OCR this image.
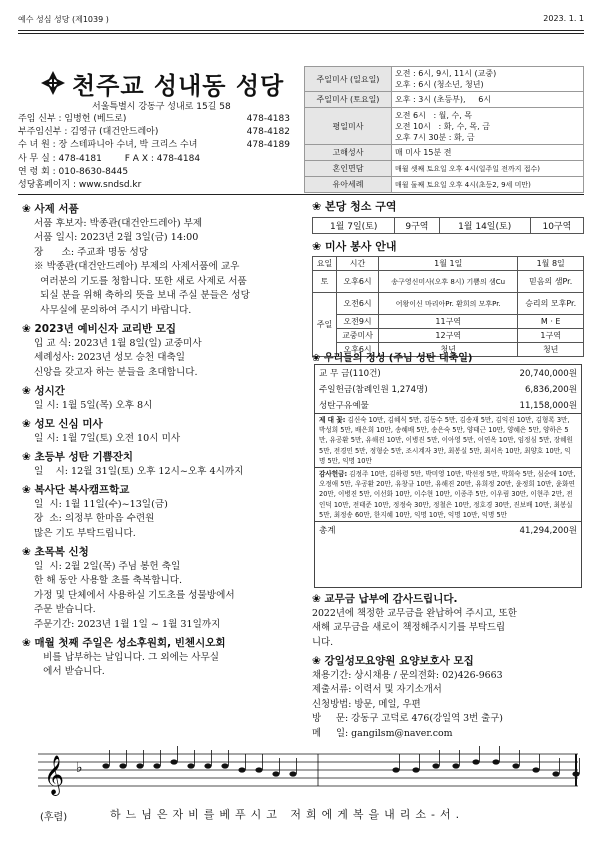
예수 성심 성당 (제1039 )	2023. 1. 1
천주교 성내동 성당
서울특별시 강동구 성내로 15길 58
주임 신부 : 임병헌 (베드로)	478-4183
부주임신부 : 김영규 (대건안드레아)	478-4182
수 녀 원 : 장 스테파니아 수녀, 박 크리스 수녀	478-4189
사 무 실 : 478-4181        F A X : 478-4184
연 령 회 : 010-8630-8445
성당홈페이지 : www.sndsd.kr
주일미사 (일요일)	오전 : 6시, 9시, 11시 (교중)
오후 : 6시 (청소년, 청년)
주일미사 (토요일)	오후 : 3시 (초등부),     6시
평일미사	오전 6시   : 월, 수, 목
오전 10시   : 화, 수, 목, 금
오후 7시 30분 : 화, 금
고해성사	매 미사 15분 전
혼인면담	매월 셋째 토요일 오후 4시(일주일 전까지 접수)
유아세례	매월 둘째 토요일 오후 4시(초등2, 9세 미만)
❀ 사제 서품
서품 후보자: 박종관(대건안드레아) 부제
서품 일시: 2023년 2월 3일(금) 14:00
장      소: 주교좌 명동 성당
※ 박종관(대건안드레아) 부제의 사제서품에 교우
여러분의 기도를 청합니다. 또한 새로 사제로 서품
되실 분을 위해 축하의 뜻을 보내 주실 분들은 성당
사무실에 문의하여 주시기 바랍니다.
❀ 2023년 예비신자 교리반 모집
입 교 식: 2023년 1월 8일(일) 교중미사
세례성사: 2023년 성모 승천 대축일
신앙을 갖고자 하는 분들을 초대합니다.
❀ 성시간
일 시: 1월 5일(목) 오후 8시
❀ 성모 신심 미사
일 시: 1월 7일(토) 오전 10시 미사
❀ 초등부 성탄 기쁨잔치
일    시: 12월 31일(토) 오후 12시~오후 4시까지
❀ 복사단 복사캠프학교
일  시: 1월 11일(수)~13일(금)
장  소: 의정부 한마음 수련원
많은 기도 부탁드립니다.
❀ 초목복 신청
일  시: 2월 2일(목) 주님 봉헌 축일
한 해 동안 사용할 초를 축복합니다.
가정 및 단체에서 사용하실 기도초를 성물방에서
주문 받습니다.
주문기간: 2023년 1월 1일 ~ 1월 31일까지
❀ 매월 첫째 주일은 성소후원회, 빈첸시오회
비를 납부하는 날입니다. 그 외에는 사무실
에서 받습니다.
❀ 본당 청소 구역
1월 7일(토)	9구역	1월 14일(토)	10구역
❀ 미사 봉사 안내
요일	시간	1월 1일	1월 8일
토	오후6시	송구영신미사(오후 8시) 기쁨의 샘Cu	믿음의 샘Pr.
주일	오전6시	어왕이신 마리아Pr. 환희의 모후Pr.	승리의 모후Pr.
	오전9시	11구역	M · E
	교중미사	12구역	1구역
	오후6시	청년	청년
❀ 우리들의 정성 (주님 성탄 대축일)
교 무 금(110건)	20,740,000원
주일헌금(참례인원 1,274명)	6,836,200원
성탄구유예물	11,158,000원
제 대 꽃: 김신숙 10만, 김혜식 5만, 김동수 5만, 김송재 5만, 김익진 10만, 김형록 3만, 박성희 5만, 배은희 10만, 송혜배 5만, 송은숙 5만, 양태근 10만, 양혜은 5만, 양하은 5만, 유공환 5만, 유해진 10만, 이병진 5만, 이아영 5만, 이연옥 10만, 임정심 5만, 장혜원 5만, 전경민 5만, 정형순 5만, 조시계자 3만, 최봉실 5만, 최서옥 10만, 최양호 10만, 익명 5만, 익명 10만
감사헌금: 김정주 10만, 김하령 5만, 박미영 10만, 박선정 5만, 박희숙 5만, 심순애 10만, 오정애 5만, 우공환 20만, 유창규 10만, 유해진 20만, 유희정 20만, 윤정희 10만, 윤화연 20만, 이병진 5만, 이선화 10만, 이수현 10만, 이종주 5만, 이우림 30만, 이현주 2만, 전인덕 10만, 전태준 10만, 정정숙 30만, 정철은 10만, 정호경 30만, 진보배 10만, 최봉실 5만, 최정송 60만, 한지혜 10만, 익명 10만, 익명 10만, 익명 5만
총계	41,294,200원
❀ 교무금 납부에 감사드립니다.
2022년에 책정한 교무금을 완납하여 주시고, 또한
새해 교무금을 새로이 책정해주시기를 부탁드립
니다.
❀ 강일성모요양원 요양보호사 모집
채용기간: 상시채용 / 문의전화: 02)426-9663
제출서류: 이력서 및 자기소개서
신청방법: 방문, 메일, 우편
방     문: 강동구 고덕로 476(강일역 3번 출구)
메     일: gangilsm@naver.com
𝄞 ♭
(후렴)	하느님은자비를베푸시고 저희에게복을내리소-서.
